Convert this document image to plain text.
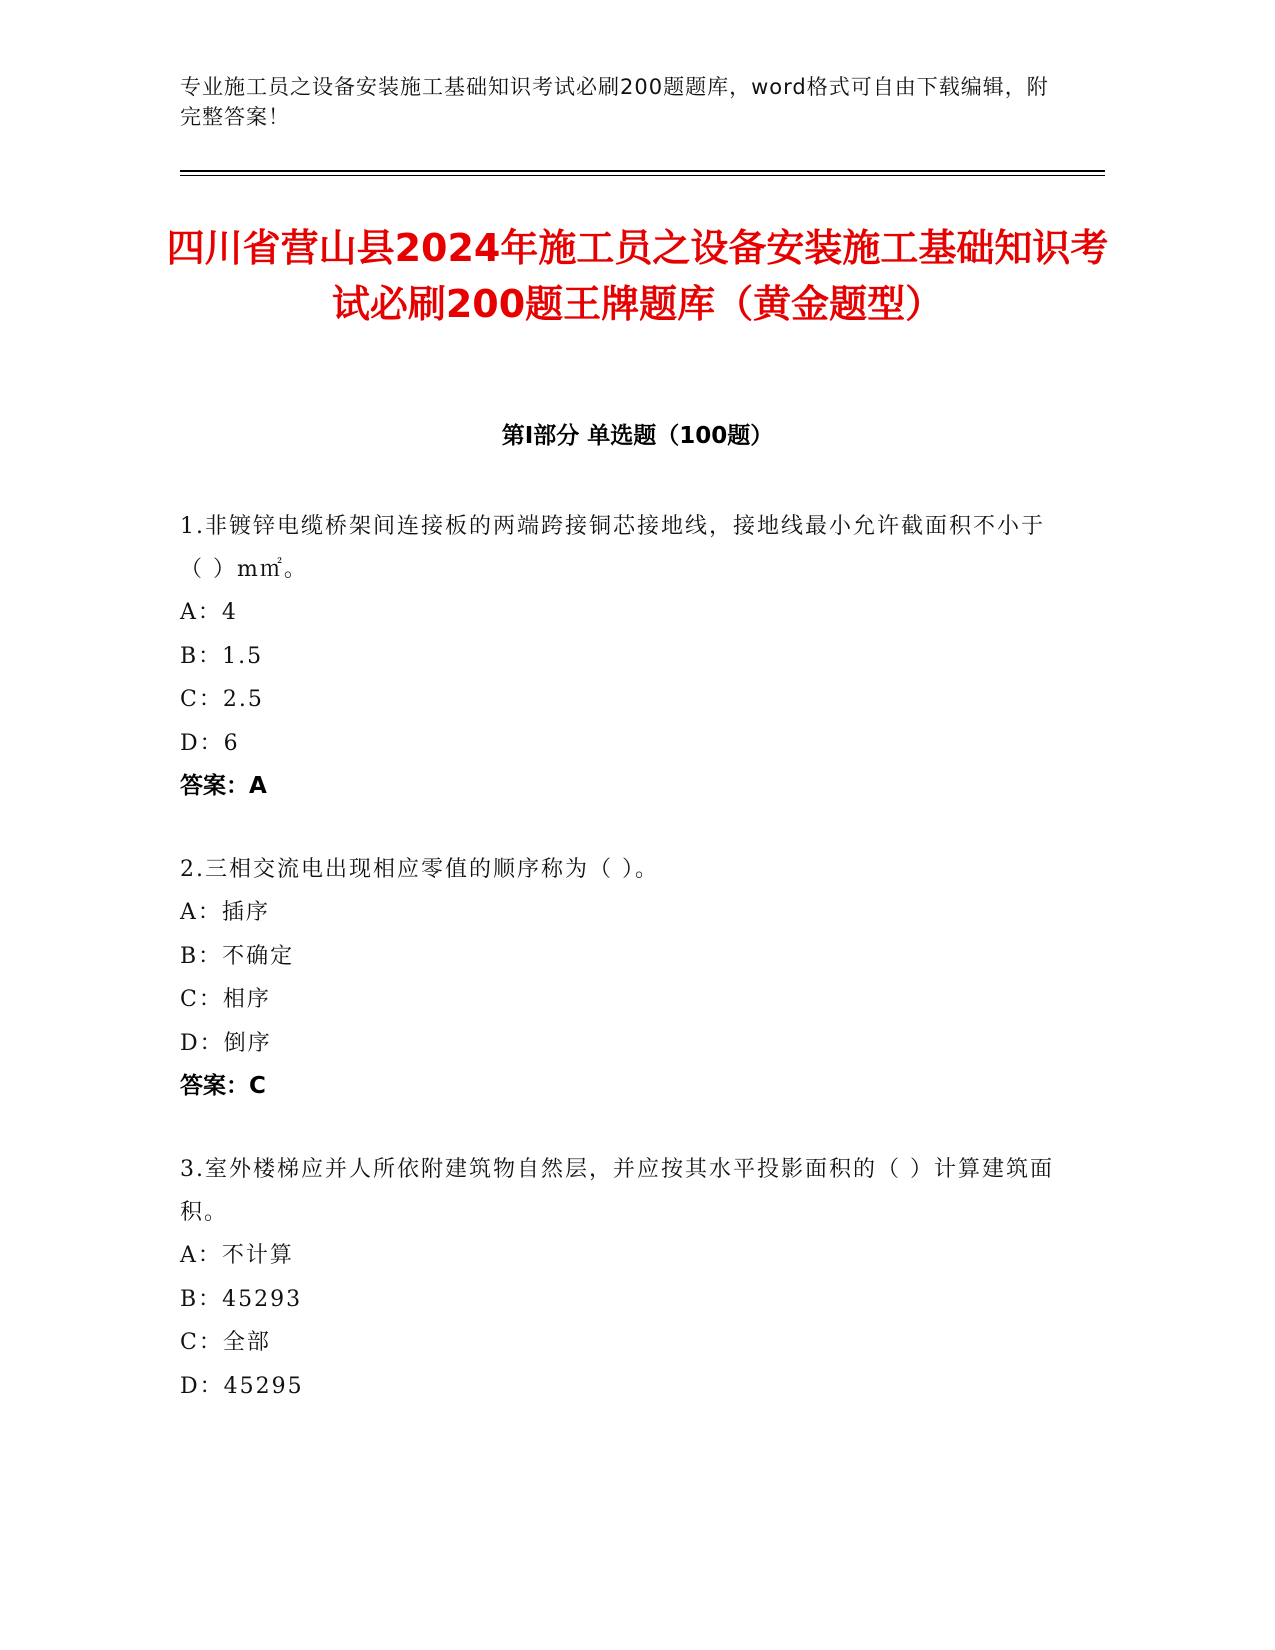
专业施工员之设备安装施工基础知识考试必刷200题题库，word格式可自由下载编辑，附完整答案！
四川省营山县2024年施工员之设备安装施工基础知识考试必刷200题王牌题库（黄金题型）
第Ⅰ部分 单选题（100题）
1.非镀锌电缆桥架间连接板的两端跨接铜芯接地线，接地线最小允许截面积不小于（ ）m㎡。
A：4
B：1.5
C：2.5
D：6
答案：A
2.三相交流电出现相应零值的顺序称为（ ）。
A：插序
B：不确定
C：相序
D：倒序
答案：C
3.室外楼梯应并人所依附建筑物自然层，并应按其水平投影面积的（ ）计算建筑面积。
A：不计算
B：45293
C：全部
D：45295
